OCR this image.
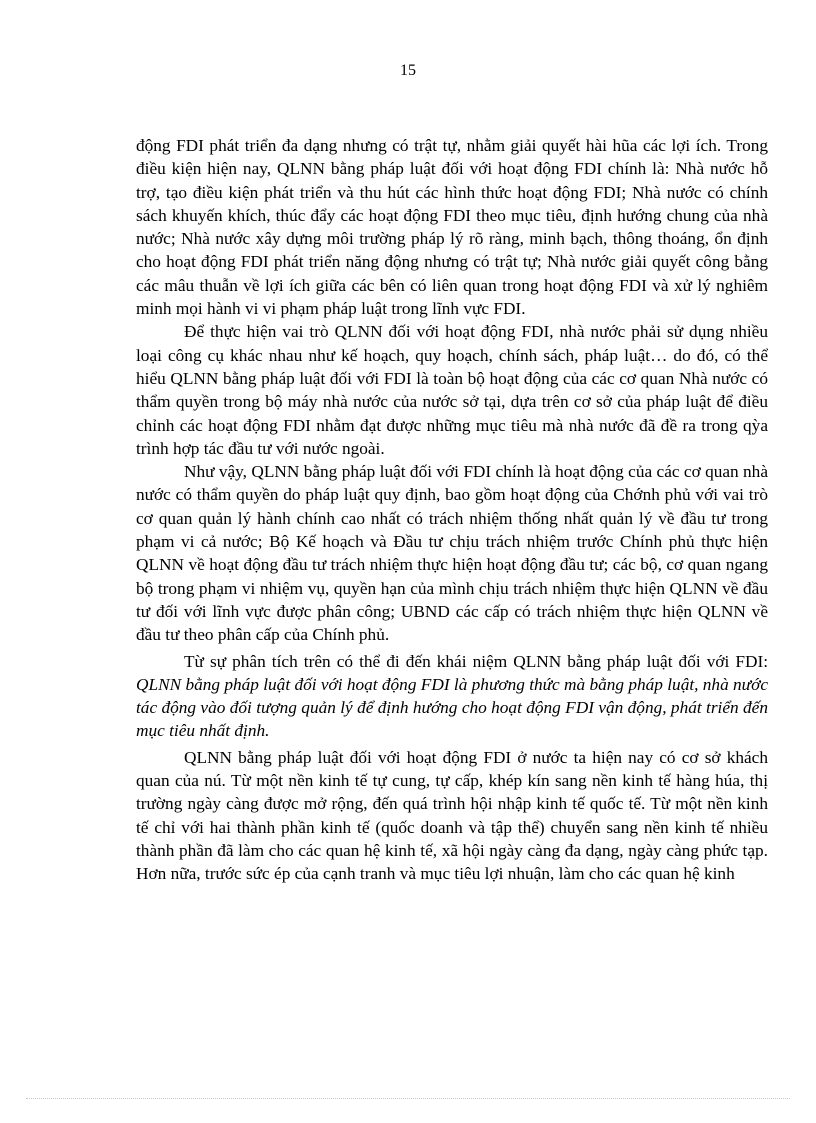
15

động FDI phát triển đa dạng nhưng có trật tự, nhằm giải quyết hài hũa các lợi ích. Trong điều kiện hiện nay, QLNN bằng pháp luật đối với hoạt động FDI chính là: Nhà nước hỗ trợ, tạo điều kiện phát triển và thu hút các hình thức hoạt động FDI; Nhà nước có chính sách khuyến khích, thúc đẩy các hoạt động FDI theo mục tiêu, định hướng chung của nhà nước; Nhà nước xây dựng môi trường pháp lý rõ ràng, minh bạch, thông thoáng, ổn định cho hoạt động FDI phát triển năng động nhưng có trật tự; Nhà nước giải quyết công bằng các mâu thuẫn về lợi ích giữa các bên có liên quan trong hoạt động FDI và xử lý nghiêm minh mọi hành vi vi phạm pháp luật trong lĩnh vực FDI.

Để thực hiện vai trò QLNN đối với hoạt động FDI, nhà nước phải sử dụng nhiều loại công cụ khác nhau như kế hoạch, quy hoạch, chính sách, pháp luật… do đó, có thể hiểu QLNN bằng pháp luật đối với FDI là toàn bộ hoạt động của các cơ quan Nhà nước có thẩm quyền trong bộ máy nhà nước của nước sở tại, dựa trên cơ sở của pháp luật để điều chỉnh các hoạt động FDI nhằm đạt được những mục tiêu mà nhà nước đã đề ra trong qỳa trình hợp tác đầu tư với nước ngoài.

Như vậy, QLNN bằng pháp luật đối với FDI chính là hoạt động của các cơ quan nhà nước có thẩm quyền do pháp luật quy định, bao gồm hoạt động của Chớnh phủ với vai trò cơ quan quản lý hành chính cao nhất có trách nhiệm thống nhất quản lý về đầu tư trong phạm vi cả nước; Bộ Kế hoạch và Đầu tư chịu trách nhiệm trước Chính phủ thực hiện QLNN về hoạt động đầu tư trách nhiệm thực hiện hoạt động đầu tư; các bộ, cơ quan ngang bộ trong phạm vi nhiệm vụ, quyền hạn của mình chịu trách nhiệm thực hiện QLNN về đầu tư đối với lĩnh vực được phân công; UBND các cấp có trách nhiệm thực hiện QLNN về đầu tư theo phân cấp của Chính phủ.

Từ sự phân tích trên có thể đi đến khái niệm QLNN bằng pháp luật đối với FDI: QLNN bằng pháp luật đối với hoạt động FDI là phương thức mà bằng pháp luật, nhà nước tác động vào đối tượng quản lý để định hướng cho hoạt động FDI vận động, phát triển đến mục tiêu nhất định.

QLNN bằng pháp luật đối với hoạt động FDI ở nước ta hiện nay có cơ sở khách quan của nú. Từ một nền kinh tế tự cung, tự cấp, khép kín sang nền kinh tế hàng húa, thị trường ngày càng được mở rộng, đến quá trình hội nhập kinh tế quốc tế. Từ một nền kinh tế chỉ với hai thành phần kinh tế (quốc doanh và tập thể) chuyển sang nền kinh tế nhiều thành phần đã làm cho các quan hệ kinh tế, xã hội ngày càng đa dạng, ngày càng phức tạp. Hơn nữa, trước sức ép của cạnh tranh và mục tiêu lợi nhuận, làm cho các quan hệ kinh
